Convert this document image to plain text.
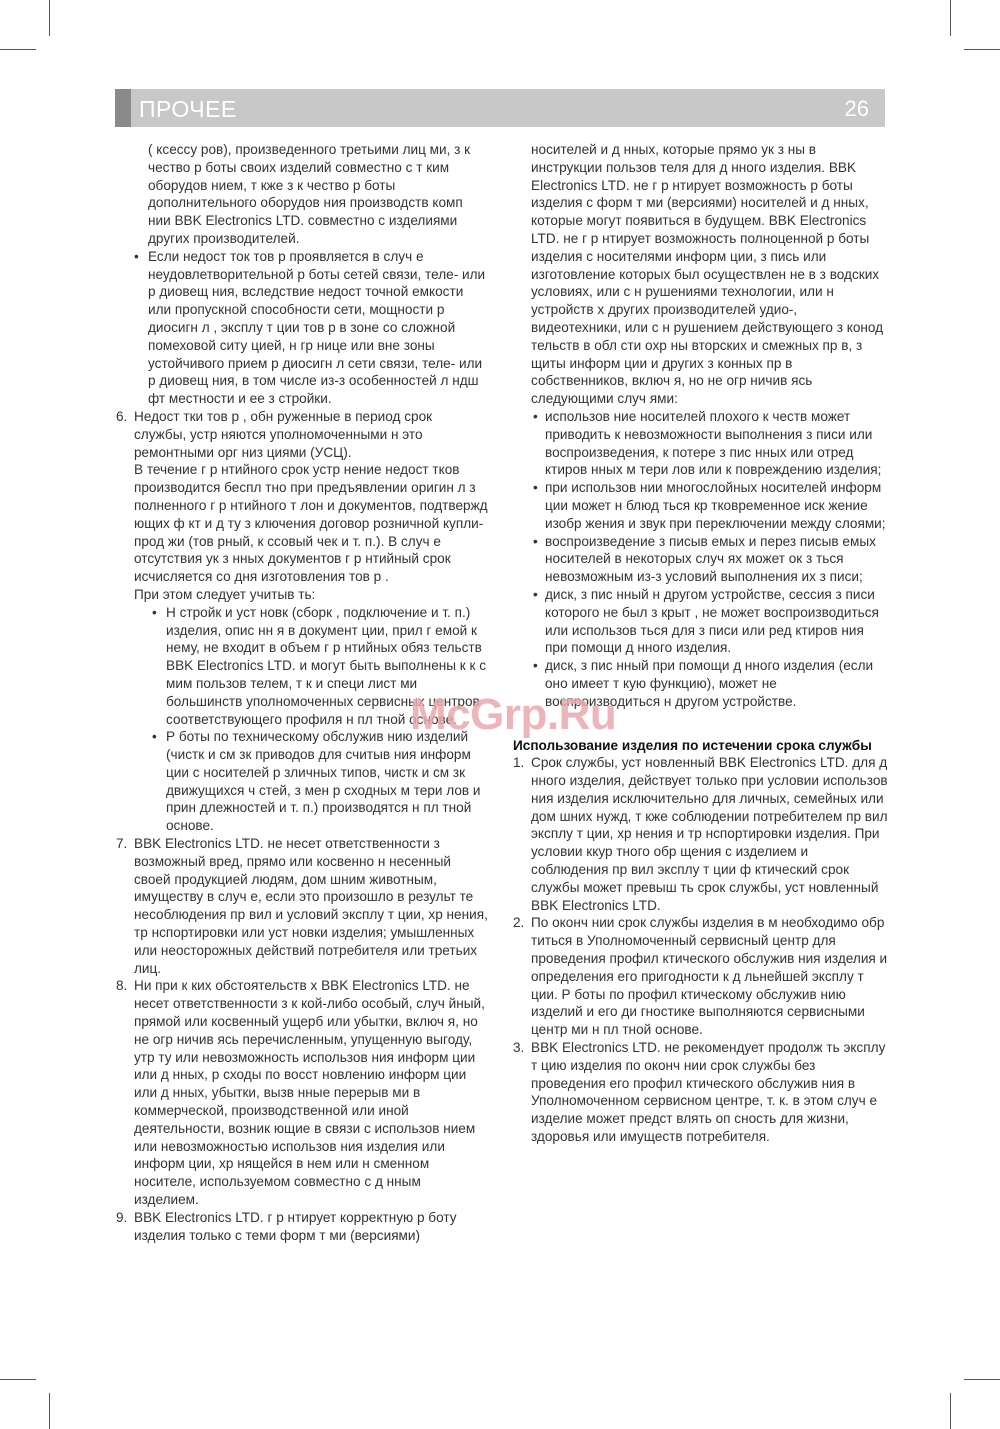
ПРОЧЕЕ	26

( ксессу ров), произведенного третьими лиц ми, з к чество р боты своих изделий совместно с т ким оборудов нием, т кже з к чество р боты дополнительного оборудов ния производств комп нии BBK Electronics LTD. совместно с изделиями других производителей.

• Если недост ток тов р проявляется в случ е неудовлетворительной р боты сетей связи, теле- или р диовещ ния, вследствие недост точной емкости или пропускной способности сети, мощности р диосигн л , эксплу т ции тов р в зоне со сложной помеховой ситу цией, н гр нице или вне зоны устойчивого прием р диосигн л сети связи, теле- или р диовещ ния, в том числе из-з особенностей л ндш фт местности и ее з стройки.
6. Недост тки тов р , обн руженные в период срок службы, устр няются уполномоченными н это ремонтными орг низ циями (УСЦ).

В течение г р нтийного срок устр нение недост тков производится беспл тно при предъявлении оригин л з полненного г р нтийного т лон и документов, подтвержд ющих ф кт и д ту з ключения договор розничной купли-прод жи (тов рный, к ссовый чек и т. п.). В случ е отсутствия ук з нных документов г р нтийный срок исчисляется со дня изготовления тов р .

При этом следует учитыв ть:

• Н стройк и уст новк (сборк , подключение и т. п.) изделия, опис нн я в документ ции, прил г емой к нему, не входит в объем г р нтийных обяз тельств BBK Electronics LTD. и могут быть выполнены к к с мим пользов телем, т к и специ лист ми большинств уполномоченных сервисных центров соответствующего профиля н пл тной основе.
• Р боты по техническому обслужив нию изделий (чистк и см зк приводов для считыв ния информ ции с носителей р зличных типов, чистк и см зк движущихся ч стей, з мен р сходных м тери лов и прин длежностей и т. п.) производятся н пл тной основе.
7. BBK Electronics LTD. не несет ответственности з возможный вред, прямо или косвенно н несенный своей продукцией людям, дом шним животным, имуществу в случ е, если это произошло в результ те несоблюдения пр вил и условий эксплу т ции, хр нения, тр нспортировки или уст новки изделия; умышленных или неосторожных действий потребителя или третьих лиц.

8. Ни при к ких обстоятельств х BBK Electronics LTD. не несет ответственности з к кой-либо особый, случ йный, прямой или косвенный ущерб или убытки, включ я, но не огр ничив ясь перечисленным, упущенную выгоду, утр ту или невозможность использов ния информ ции или д нных, р сходы по восст новлению информ ции или д нных, убытки, вызв нные перерыв ми в коммерческой, производственной или иной деятельности, возник ющие в связи с использов нием или невозможностью использов ния изделия или информ ции, хр нящейся в нем или н сменном носителе, используемом совместно с д нным изделием.

9. BBK Electronics LTD. г р нтирует корректную р боту изделия только с теми форм т ми (версиями)

носителей и д нных, которые прямо ук з ны в инструкции пользов теля для д нного изделия. BBK Electronics LTD. не г р нтирует возможность р боты изделия с форм т ми (версиями) носителей и д нных, которые могут появиться в будущем. BBK Electronics LTD. не г р нтирует возможность полноценной р боты изделия с носителями информ ции, з пись или изготовление которых был осуществлен не в з водских условиях, или с н рушениями технологии, или н устройств х других производителей удио-, видеотехники, или с н рушением действующего з конод тельств в обл сти охр ны вторских и смежных пр в, з щиты информ ции и других з конных пр в собственников, включ я, но не огр ничив ясь следующими случ ями:

• использов ние носителей плохого к честв может приводить к невозможности выполнения з писи или воспроизведения, к потере з пис нных или отред ктиров нных м тери лов или к повреждению изделия;
• при использов нии многослойных носителей информ ции может н блюд ться кр тковременное иск жение изобр жения и звук при переключении между слоями;
• воспроизведение з писыв емых и перез писыв емых носителей в некоторых случ ях может ок з ться невозможным из-з условий выполнения их з писи;
• диск, з пис нный н другом устройстве, сессия з писи которого не был з крыт , не может воспроизводиться или использов ться для з писи или ред ктиров ния при помощи д нного изделия.
• диск, з пис нный при помощи д нного изделия (если оно имеет т кую функцию), может не воспроизводиться н другом устройстве.

Использование изделия по истечении срока службы

1. Срок службы, уст новленный BBK Electronics LTD. для д нного изделия, действует только при условии использов ния изделия исключительно для личных, семейных или дом шних нужд, т кже соблюдении потребителем пр вил эксплу т ции, хр нения и тр нспортировки изделия. При условии ккур тного обр щения с изделием и соблюдения пр вил эксплу т ции ф ктический срок службы может превыш ть срок службы, уст новленный BBK Electronics LTD.

2. По оконч нии срок службы изделия в м необходимо обр титься в Уполномоченный сервисный центр для проведения профил ктического обслужив ния изделия и определения его пригодности к д льнейшей эксплу т ции. Р боты по профил ктическому обслужив нию изделий и его ди гностике выполняются сервисными центр ми н пл тной основе.

3. BBK Electronics LTD. не рекомендует продолж ть эксплу т цию изделия по оконч нии срок службы без проведения его профил ктического обслужив ния в Уполномоченном сервисном центре, т. к. в этом случ е изделие может предст влять оп сность для жизни, здоровья или имуществ потребителя.

McGrp.Ru
